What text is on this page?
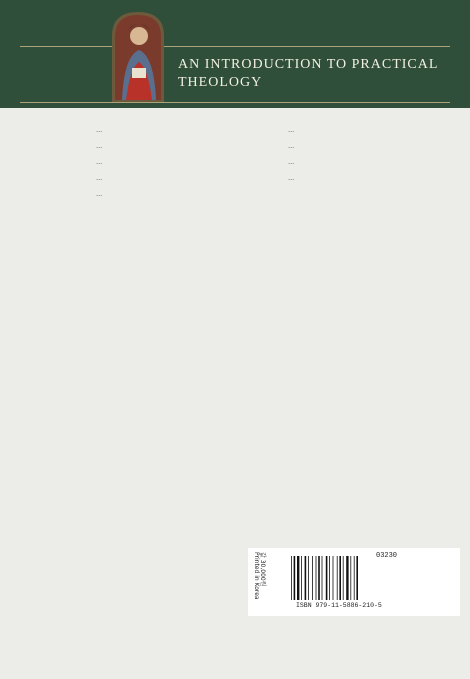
AN INTRODUCTION TO PRACTICAL THEOLOGY

…

…

…

…

…

…

…

…

…

값 30,000원
Printed in Korea	03230
ISBN 979-11-5886-210-5
